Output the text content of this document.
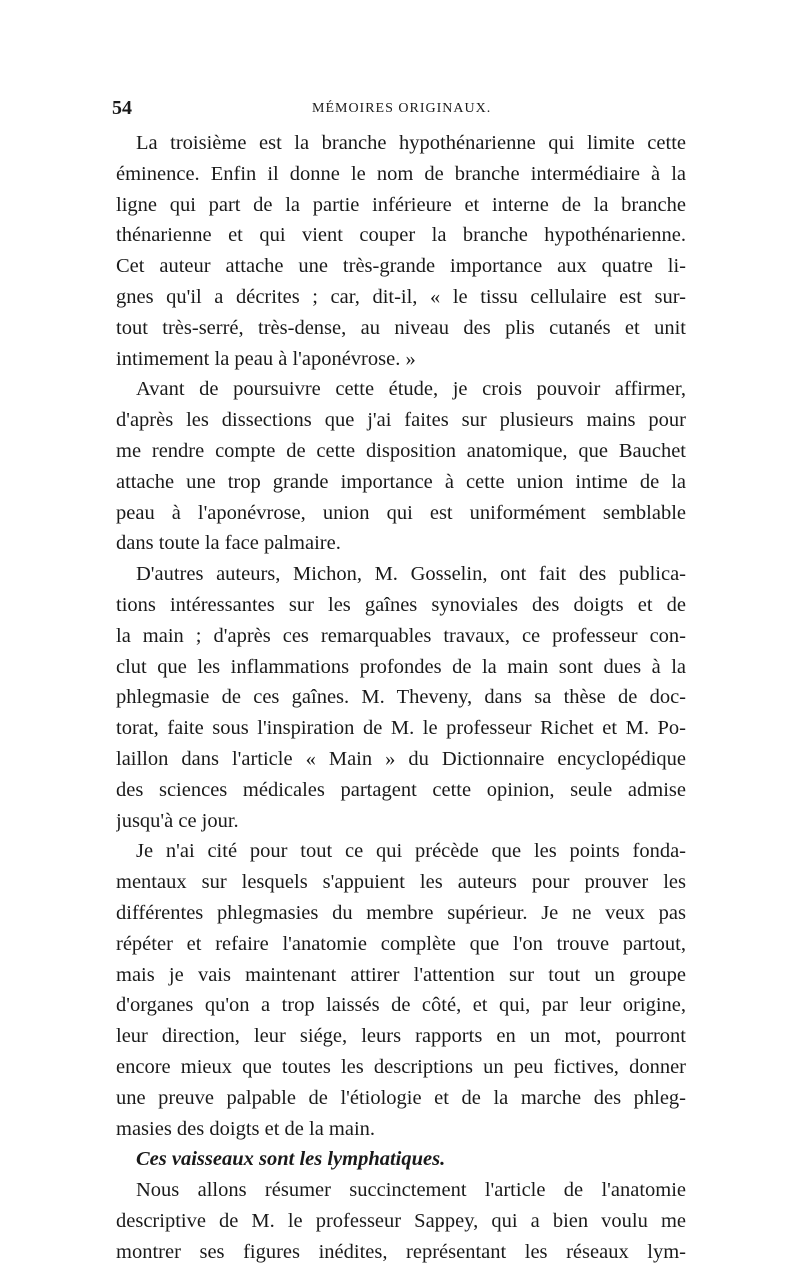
54	MÉMOIRES ORIGINAUX.
La troisième est la branche hypothénarienne qui limite cette
éminence. Enfin il donne le nom de branche intermédiaire à la
ligne qui part de la partie inférieure et interne de la branche
thénarienne et qui vient couper la branche hypothénarienne.
Cet auteur attache une très-grande importance aux quatre li-
gnes qu'il a décrites ; car, dit-il, « le tissu cellulaire est sur-
tout très-serré, très-dense, au niveau des plis cutanés et unit
intimement la peau à l'aponévrose. »
Avant de poursuivre cette étude, je crois pouvoir affirmer,
d'après les dissections que j'ai faites sur plusieurs mains pour
me rendre compte de cette disposition anatomique, que Bauchet
attache une trop grande importance à cette union intime de la
peau à l'aponévrose, union qui est uniformément semblable
dans toute la face palmaire.
D'autres auteurs, Michon, M. Gosselin, ont fait des publica-
tions intéressantes sur les gaînes synoviales des doigts et de
la main ; d'après ces remarquables travaux, ce professeur con-
clut que les inflammations profondes de la main sont dues à la
phlegmasie de ces gaînes. M. Theveny, dans sa thèse de doc-
torat, faite sous l'inspiration de M. le professeur Richet et M. Po-
laillon dans l'article « Main » du Dictionnaire encyclopédique
des sciences médicales partagent cette opinion, seule admise
jusqu'à ce jour.
Je n'ai cité pour tout ce qui précède que les points fonda-
mentaux sur lesquels s'appuient les auteurs pour prouver les
différentes phlegmasies du membre supérieur. Je ne veux pas
répéter et refaire l'anatomie complète que l'on trouve partout,
mais je vais maintenant attirer l'attention sur tout un groupe
d'organes qu'on a trop laissés de côté, et qui, par leur origine,
leur direction, leur siége, leurs rapports en un mot, pourront
encore mieux que toutes les descriptions un peu fictives, donner
une preuve palpable de l'étiologie et de la marche des phleg-
masies des doigts et de la main.
Ces vaisseaux sont les lymphatiques.
Nous allons résumer succinctement l'article de l'anatomie
descriptive de M. le professeur Sappey, qui a bien voulu me
montrer ses figures inédites, représentant les réseaux lym-
